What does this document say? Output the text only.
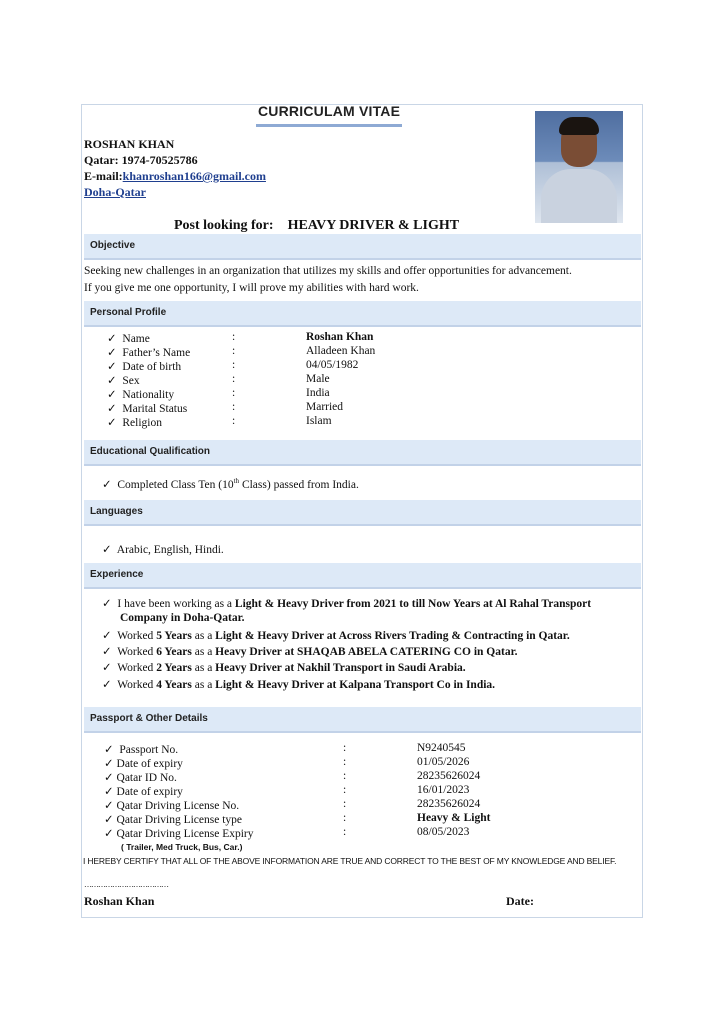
CURRICULAM VITAE
ROSHAN KHAN
Qatar: 1974-70525786
E-mail:khanroshan166@gmail.com
Doha-Qatar
Post looking for: HEAVY DRIVER & LIGHT
Objective
Seeking new challenges in an organization that utilizes my skills and offer opportunities for advancement.
If you give me one opportunity, I will prove my abilities with hard work.
Personal Profile
✓ Name	:	Roshan Khan
✓ Father’s Name	:	Alladeen Khan
✓ Date of birth	:	04/05/1982
✓ Sex	:	Male
✓ Nationality	:	India
✓ Marital Status	:	Married
✓ Religion	:	Islam
Educational Qualification
✓ Completed Class Ten (10th Class) passed from India.
Languages
✓ Arabic, English, Hindi.
Experience
✓ I have been working as a Light & Heavy Driver from 2021 to till Now Years at Al Rahal Transport
Company in Doha-Qatar.
✓ Worked 5 Years as a Light & Heavy Driver at Across Rivers Trading & Contracting in Qatar.
✓ Worked 6 Years as a Heavy Driver at SHAQAB ABELA CATERING CO in Qatar.
✓ Worked 2 Years as a Heavy Driver at Nakhil Transport in Saudi Arabia.
✓ Worked 4 Years as a Light & Heavy Driver at Kalpana Transport Co in India.
Passport & Other Details
✓ Passport No.	:	N9240545
✓ Date of expiry	:	01/05/2026
✓ Qatar ID No.	:	28235626024
✓ Date of expiry	:	16/01/2023
✓ Qatar Driving License No.	:	28235626024
✓ Qatar Driving License type	:	Heavy & Light
✓ Qatar Driving License Expiry	:	08/05/2023
( Trailer, Med Truck, Bus, Car.)
I HEREBY CERTIFY THAT ALL OF THE ABOVE INFORMATION ARE TRUE AND CORRECT TO THE BEST OF MY KNOWLEDGE AND BELIEF.
………………………………
Roshan Khan	Date:
